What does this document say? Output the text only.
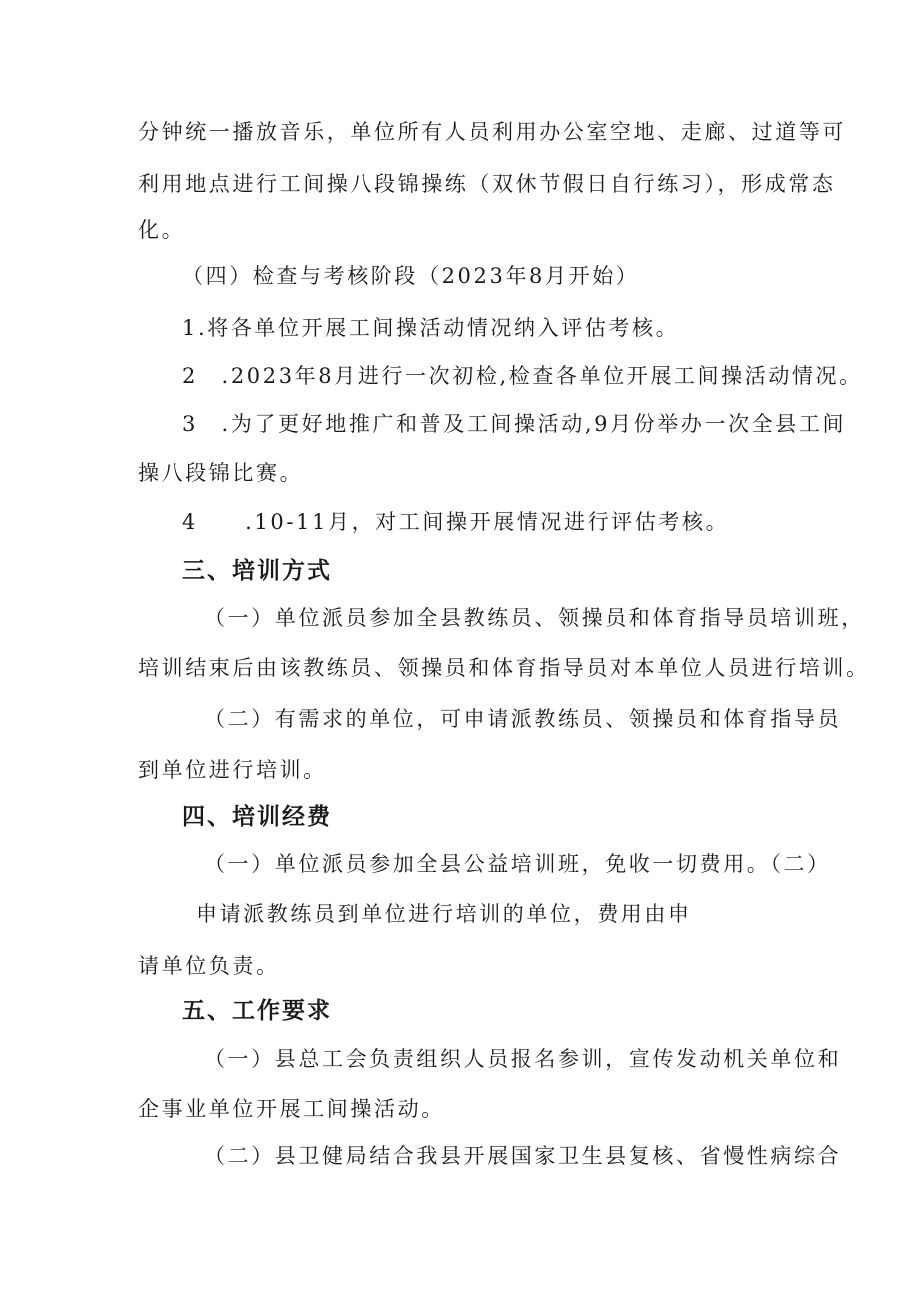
分钟统一播放音乐，单位所有人员利用办公室空地、走廊、过道等可
利用地点进行工间操八段锦操练（双休节假日自行练习），形成常态
化。
（四）检查与考核阶段（2023年8月开始）
1.将各单位开展工间操活动情况纳入评估考核。
2　.2023年8月进行一次初检,检查各单位开展工间操活动情况。
3　.为了更好地推广和普及工间操活动,9月份举办一次全县工间
操八段锦比赛。
4　　.10-11月，对工间操开展情况进行评估考核。
三、培训方式
（一）单位派员参加全县教练员、领操员和体育指导员培训班，
培训结束后由该教练员、领操员和体育指导员对本单位人员进行培训。
（二）有需求的单位，可申请派教练员、领操员和体育指导员
到单位进行培训。
四、培训经费
（一）单位派员参加全县公益培训班，免收一切费用。（二）
申请派教练员到单位进行培训的单位，费用由申
请单位负责。
五、工作要求
（一）县总工会负责组织人员报名参训，宣传发动机关单位和
企事业单位开展工间操活动。
（二）县卫健局结合我县开展国家卫生县复核、省慢性病综合
